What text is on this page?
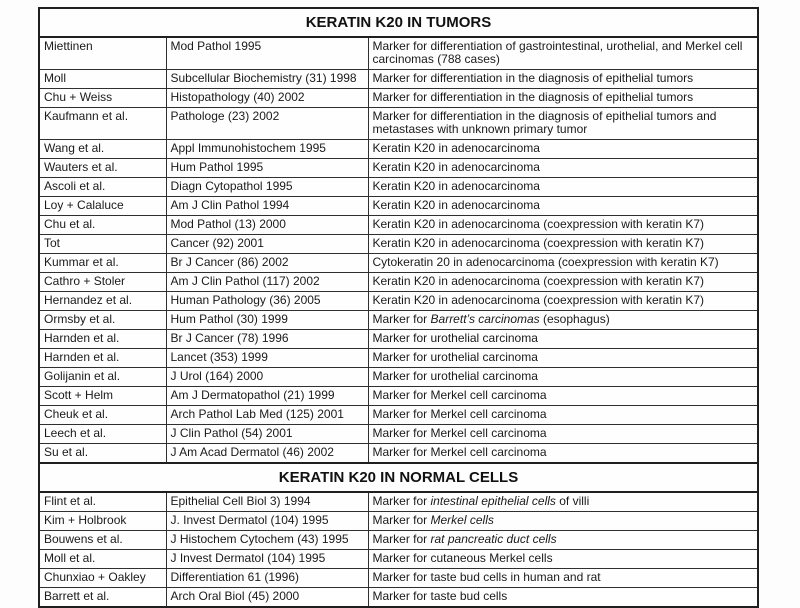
KERATIN K20 IN TUMORS		
Miettinen	Mod Pathol 1995	Marker for differentiation of gastrointestinal, urothelial, and Merkel cell carcinomas (788 cases)
Moll	Subcellular Biochemistry (31) 1998	Marker for differentiation in the diagnosis of epithelial tumors
Chu + Weiss	Histopathology (40) 2002	Marker for differentiation in the diagnosis of epithelial tumors
Kaufmann et al.	Pathologe (23) 2002	Marker for differentiation in the diagnosis of epithelial tumors and metastases with unknown primary tumor
Wang et al.	Appl Immunohistochem 1995	Keratin K20 in adenocarcinoma
Wauters et al.	Hum Pathol 1995	Keratin K20 in adenocarcinoma
Ascoli et al.	Diagn Cytopathol 1995	Keratin K20 in adenocarcinoma
Loy + Calaluce	Am J Clin Pathol 1994	Keratin K20 in adenocarcinoma
Chu et al.	Mod Pathol (13) 2000	Keratin K20 in adenocarcinoma (coexpression with keratin K7)
Tot	Cancer (92) 2001	Keratin K20 in adenocarcinoma (coexpression with keratin K7)
Kummar et al.	Br J Cancer (86) 2002	Cytokeratin 20 in adenocarcinoma (coexpression with keratin K7)
Cathro + Stoler	Am J Clin Pathol (117) 2002	Keratin K20 in adenocarcinoma (coexpression with keratin K7)
Hernandez et al.	Human Pathology (36) 2005	Keratin K20 in adenocarcinoma (coexpression with keratin K7)
Ormsby et al.	Hum Pathol (30) 1999	Marker for Barrett’s carcinomas (esophagus)
Harnden et al.	Br J Cancer (78) 1996	Marker for urothelial carcinoma
Harnden et al.	Lancet (353) 1999	Marker for urothelial carcinoma
Golijanin et al.	J Urol (164) 2000	Marker for urothelial carcinoma
Scott + Helm	Am J Dermatopathol (21) 1999	Marker for Merkel cell carcinoma
Cheuk et al.	Arch Pathol Lab Med (125) 2001	Marker for Merkel cell carcinoma
Leech et al.	J Clin Pathol (54) 2001	Marker for Merkel cell carcinoma
Su et al.	J Am Acad Dermatol (46) 2002	Marker for Merkel cell carcinoma
KERATIN K20 IN NORMAL CELLS		
Flint et al.	Epithelial Cell Biol 3) 1994	Marker for intestinal epithelial cells of villi
Kim + Holbrook	J. Invest Dermatol (104) 1995	Marker for Merkel cells
Bouwens et al.	J Histochem Cytochem (43) 1995	Marker for rat pancreatic duct cells
Moll et al.	J Invest Dermatol (104) 1995	Marker for cutaneous Merkel cells
Chunxiao + Oakley	Differentiation 61 (1996)	Marker for taste bud cells in human and rat
Barrett et al.	Arch Oral Biol (45) 2000	Marker for taste bud cells
